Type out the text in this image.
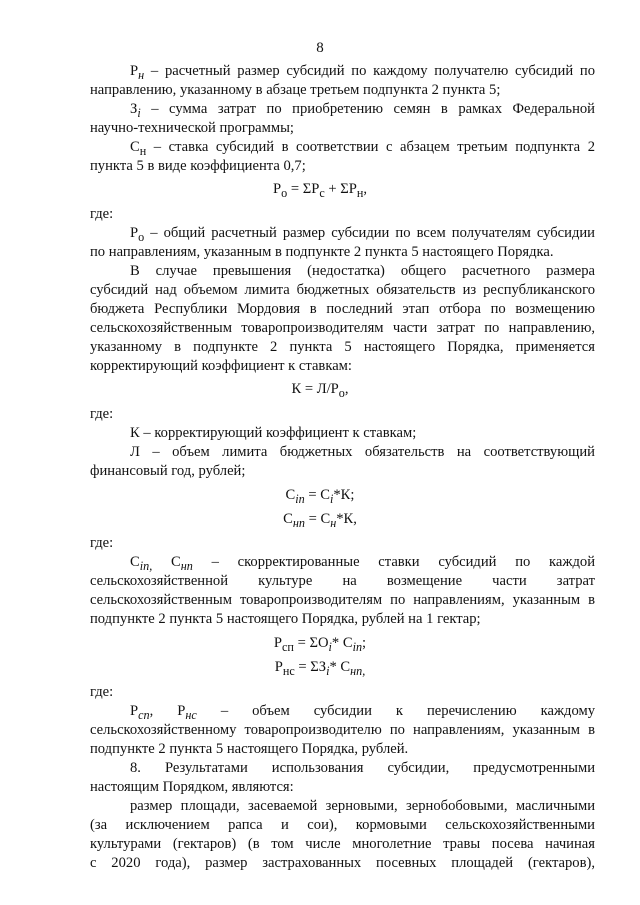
8
$Р_н$ – расчетный размер субсидий по каждому получателю субсидий по
направлению, указанному в абзаце третьем подпункта 2 пункта 5;
$З_i$ – сумма затрат по приобретению семян в рамках Федеральной
научно-технической программы;
$С_н$ – ставка субсидий в соответствии с абзацем третьим подпункта 2
пункта 5 в виде коэффициента 0,7;
$Р_о = \Sigma Р_с + \Sigma Р_н$,
где:
$Р_о$ – общий расчетный размер субсидии по всем получателям субсидии
по направлениям, указанным в подпункте 2 пункта 5 настоящего Порядка.
В случае превышения (недостатка) общего расчетного размера
субсидий над объемом лимита бюджетных обязательств из республиканского
бюджета Республики Мордовия в последний этап отбора по возмещению
сельскохозяйственным товаропроизводителям части затрат по направлению,
указанному в подпункте 2 пункта 5 настоящего Порядка, применяется
корректирующий коэффициент к ставкам:
$К = Л/Р_о$,
где:
К – корректирующий коэффициент к ставкам;
Л – объем лимита бюджетных обязательств на соответствующий
финансовый год, рублей;
$С_{in} = С_i*К$;
$С_{нп} = С_н*К$,
где:
$С_{in,}$ $С_{нп}$ – скорректированные ставки субсидий по каждой
сельскохозяйственной культуре на возмещение части затрат
сельскохозяйственным товаропроизводителям по направлениям, указанным в
подпункте 2 пункта 5 настоящего Порядка, рублей на 1 гектар;
$Р_{сп} = \Sigma О_i*$ $С_{in}$;
$Р_{нс} = \Sigma З_i*$ $С_{нп,}$
где:
$Р_{сп}$, $Р_{нс}$ – объем субсидии к перечислению каждому
сельскохозяйственному товаропроизводителю по направлениям, указанным в
подпункте 2 пункта 5 настоящего Порядка, рублей.
8. Результатами использования субсидии, предусмотренными
настоящим Порядком, являются:
размер площади, засеваемой зерновыми, зернобобовыми, масличными
(за исключением рапса и сои), кормовыми сельскохозяйственными
культурами (гектаров) (в том числе многолетние травы посева начиная
с 2020 года), размер застрахованных посевных площадей (гектаров),
